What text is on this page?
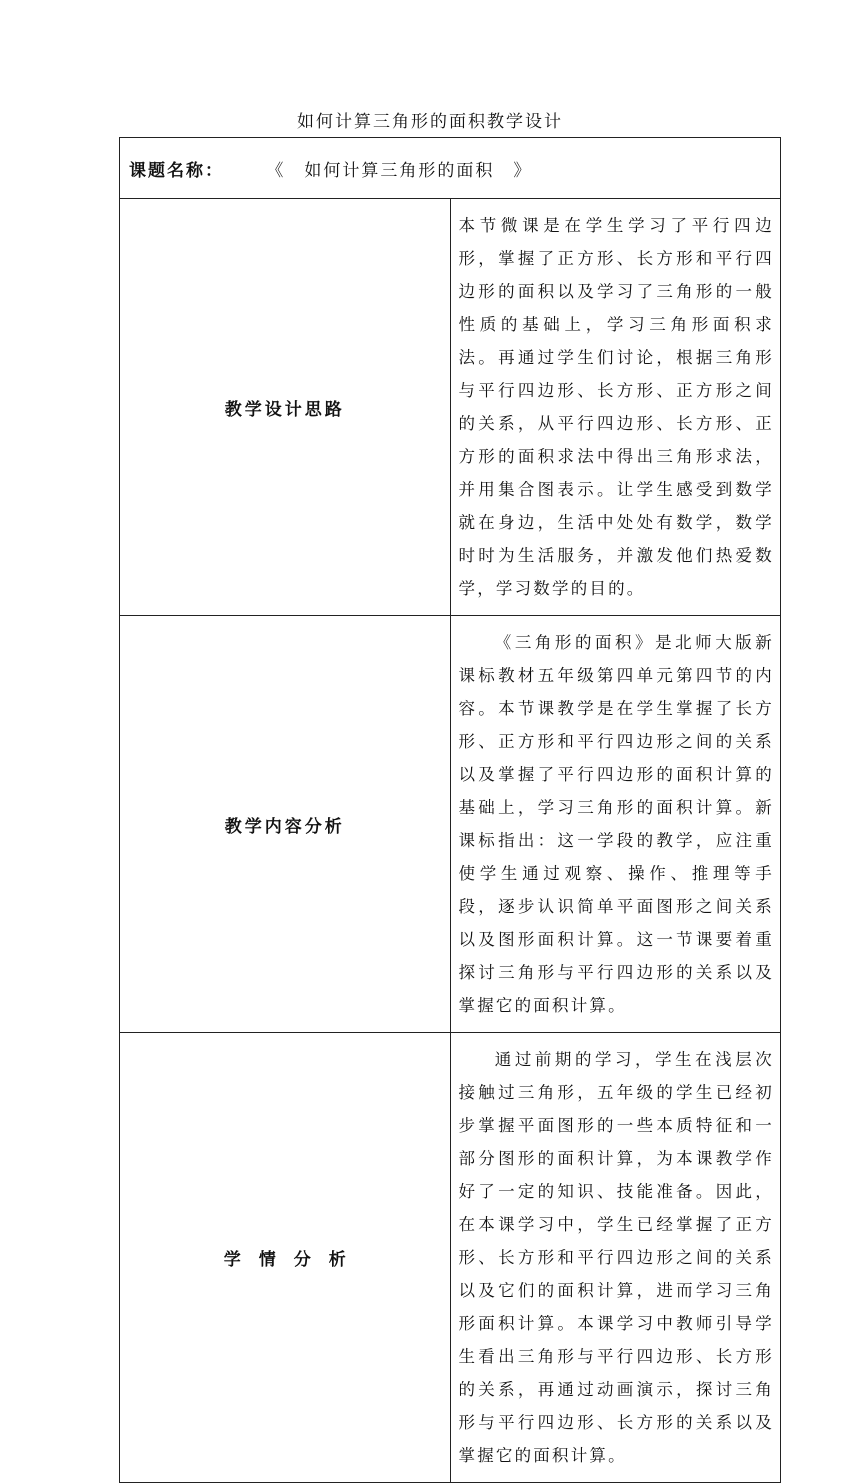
如何计算三角形的面积教学设计
课题名称： 《　如何计算三角形的面积　》	
教学设计思路	本节微课是在学生学习了平行四边形，掌握了正方形、长方形和平行四边形的面积以及学习了三角形的一般性质的基础上，学习三角形面积求法。再通过学生们讨论，根据三角形与平行四边形、长方形、正方形之间的关系，从平行四边形、长方形、正方形的面积求法中得出三角形求法，并用集合图表示。让学生感受到数学就在身边，生活中处处有数学，数学时时为生活服务，并激发他们热爱数学，学习数学的目的。
教学内容分析	《三角形的面积》是北师大版新课标教材五年级第四单元第四节的内容。本节课教学是在学生掌握了长方形、正方形和平行四边形之间的关系以及掌握了平行四边形的面积计算的基础上，学习三角形的面积计算。新课标指出：这一学段的教学，应注重使学生通过观察、操作、推理等手段，逐步认识简单平面图形之间关系以及图形面积计算。这一节课要着重探讨三角形与平行四边形的关系以及掌握它的面积计算。
学情分析	通过前期的学习，学生在浅层次接触过三角形，五年级的学生已经初步掌握平面图形的一些本质特征和一部分图形的面积计算，为本课教学作好了一定的知识、技能准备。因此，在本课学习中，学生已经掌握了正方形、长方形和平行四边形之间的关系以及它们的面积计算，进而学习三角形面积计算。本课学习中教师引导学生看出三角形与平行四边形、长方形的关系，再通过动画演示，探讨三角形与平行四边形、长方形的关系以及掌握它的面积计算。
